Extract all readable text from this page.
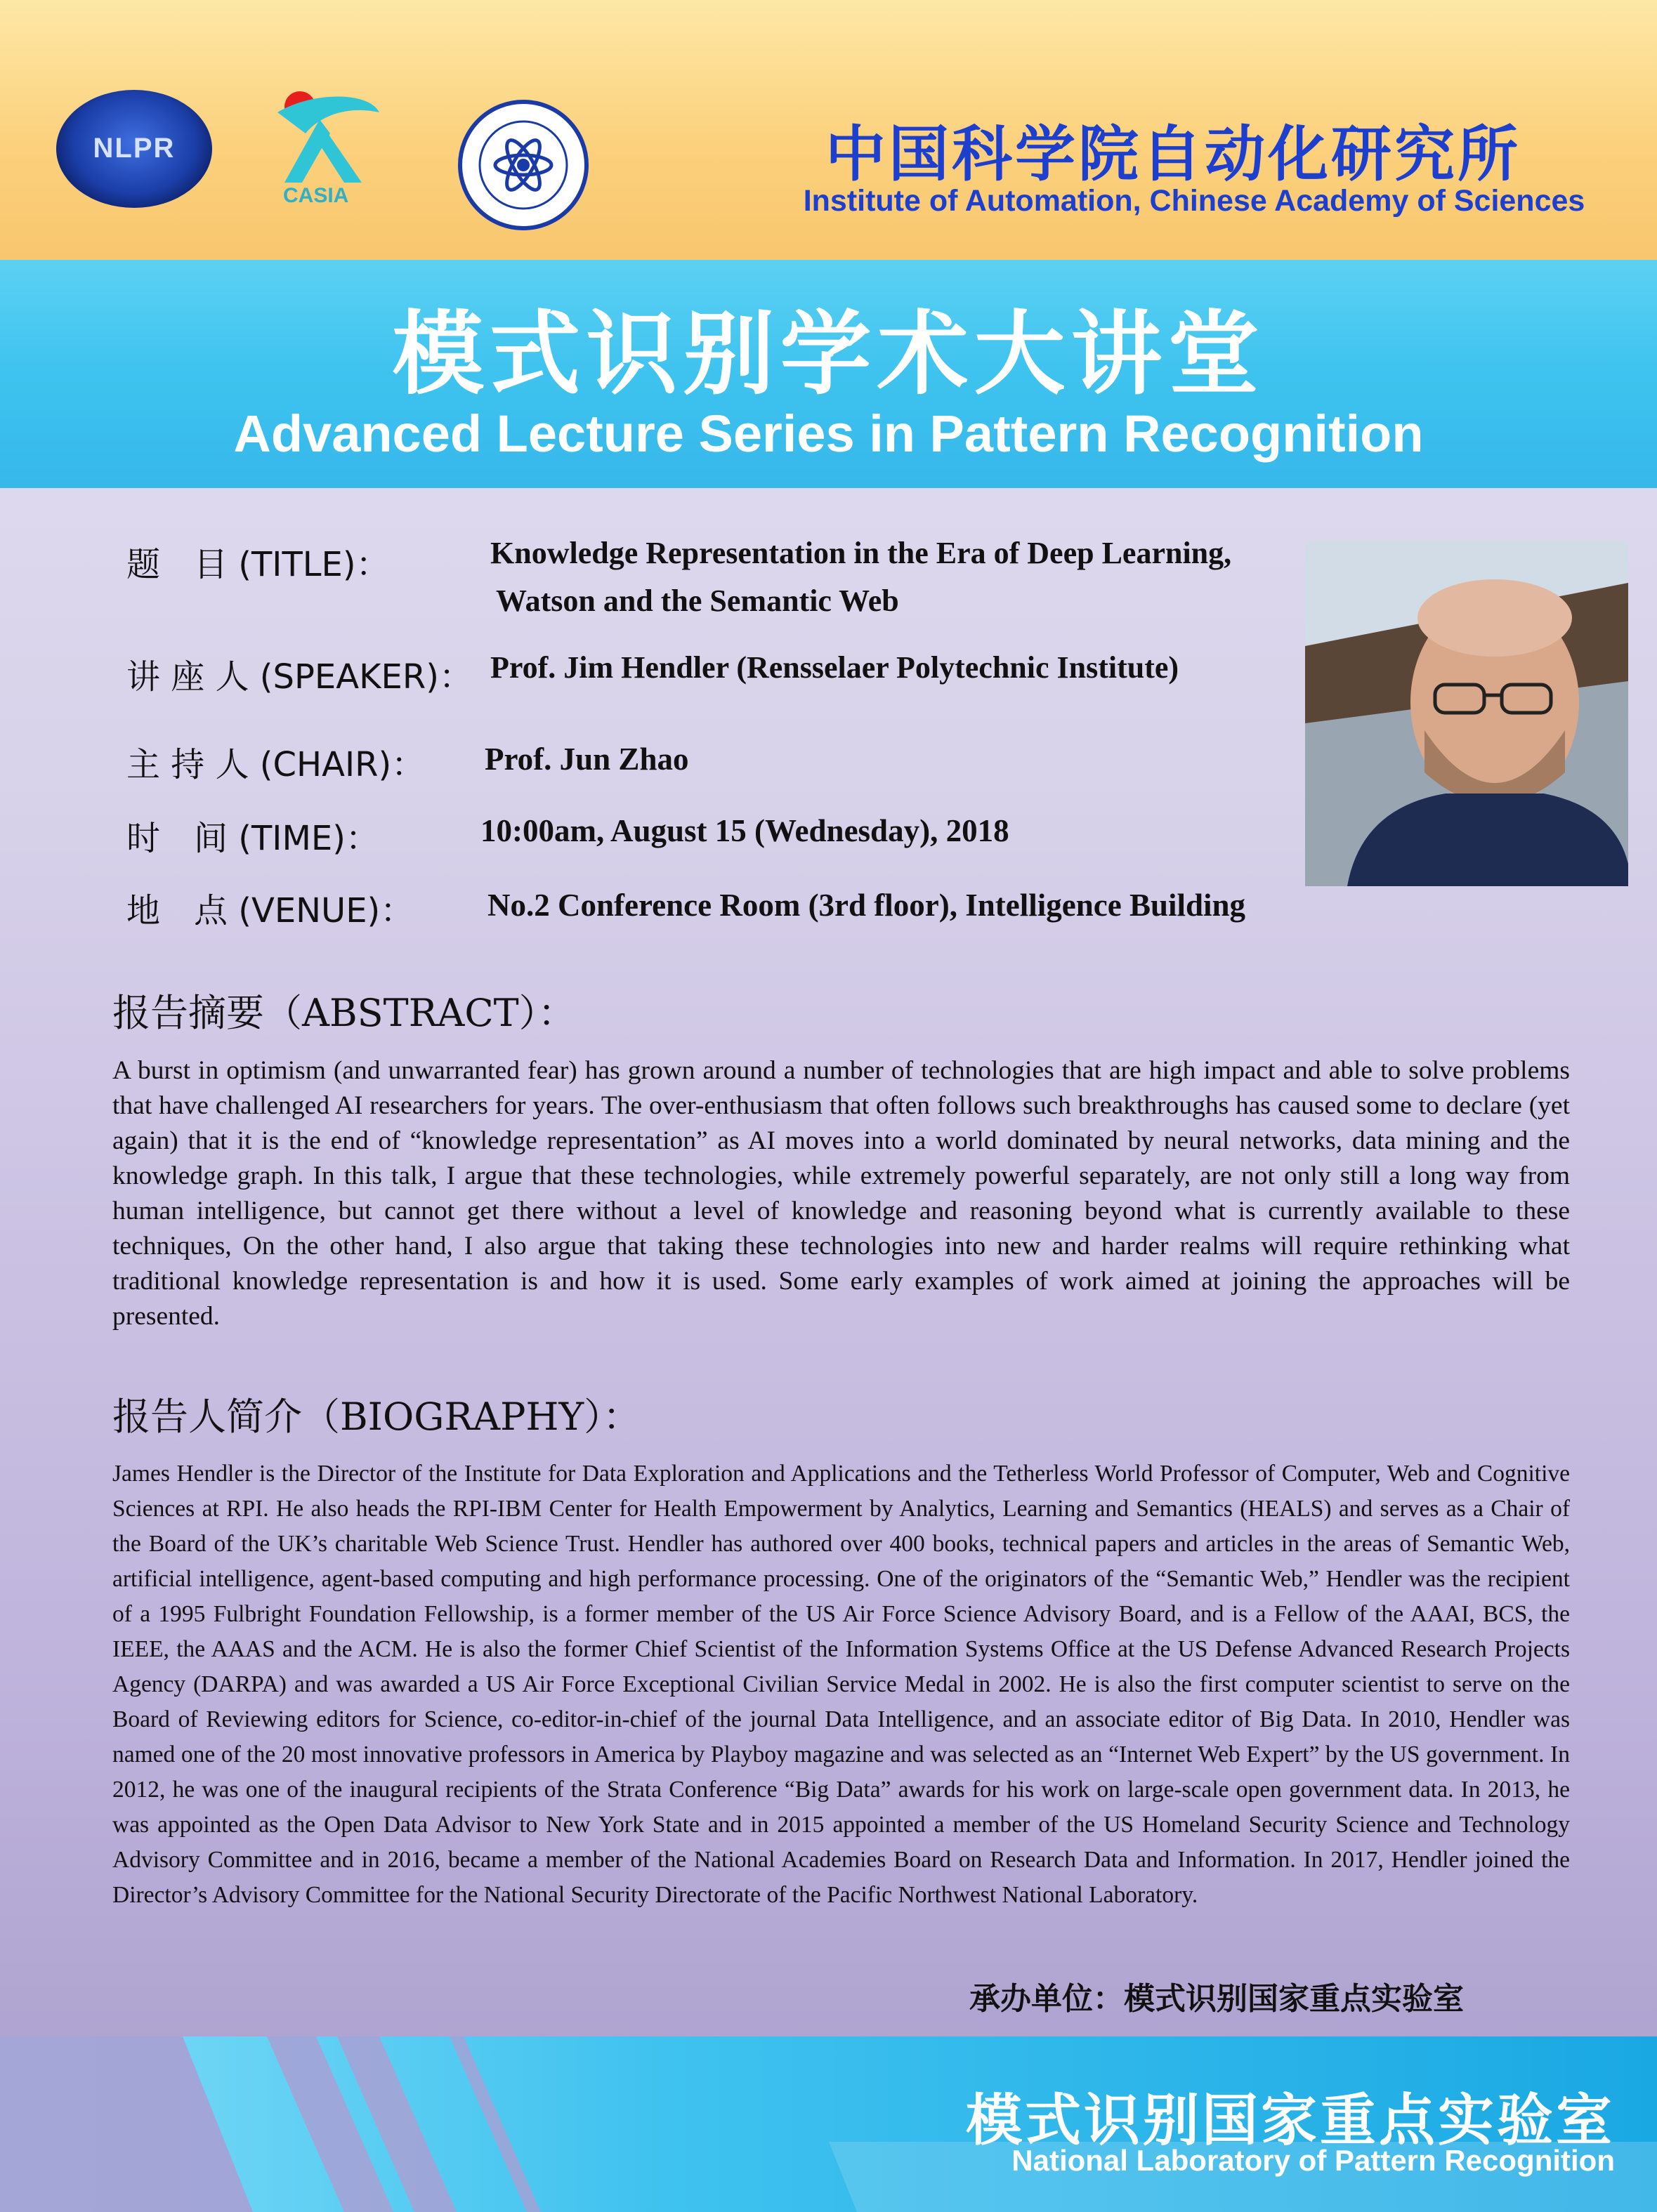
NLPR
CASIA
中国科学院自动化研究所
Institute of Automation, Chinese Academy of Sciences
模式识别学术大讲堂
Advanced Lecture Series in Pattern Recognition
题　目 (TITLE)：	Knowledge Representation in the Era of Deep Learning,
Watson and the Semantic Web
讲 座 人 (SPEAKER)： Prof. Jim Hendler (Rensselaer Polytechnic Institute)
主 持 人 (CHAIR)： Prof. Jun Zhao
时　间 (TIME)：	10:00am, August 15 (Wednesday), 2018
地　点 (VENUE)： No.2 Conference Room (3rd floor), Intelligence Building
报告摘要（ABSTRACT）：
A burst in optimism (and unwarranted fear) has grown around a number of technologies that are high impact and able to solve problems that have challenged AI researchers for years. The over-enthusiasm that often follows such breakthroughs has caused some to declare (yet again) that it is the end of “knowledge representation” as AI moves into a world dominated by neural networks, data mining and the knowledge graph. In this talk, I argue that these technologies, while extremely powerful separately, are not only still a long way from human intelligence, but cannot get there without a level of knowledge and reasoning beyond what is currently available to these techniques, On the other hand, I also argue that taking these technologies into new and harder realms will require rethinking what traditional knowledge representation is and how it is used. Some early examples of work aimed at joining the approaches will be presented.
报告人简介（BIOGRAPHY）：
James Hendler is the Director of the Institute for Data Exploration and Applications and the Tetherless World Professor of Computer, Web and Cognitive Sciences at RPI. He also heads the RPI-IBM Center for Health Empowerment by Analytics, Learning and Semantics (HEALS) and serves as a Chair of the Board of the UK’s charitable Web Science Trust. Hendler has authored over 400 books, technical papers and articles in the areas of Semantic Web, artificial intelligence, agent-based computing and high performance processing. One of the originators of the “Semantic Web,” Hendler was the recipient of a 1995 Fulbright Foundation Fellowship, is a former member of the US Air Force Science Advisory Board, and is a Fellow of the AAAI, BCS, the IEEE, the AAAS and the ACM. He is also the former Chief Scientist of the Information Systems Office at the US Defense Advanced Research Projects Agency (DARPA) and was awarded a US Air Force Exceptional Civilian Service Medal in 2002. He is also the first computer scientist to serve on the Board of Reviewing editors for Science, co-editor-in-chief of the journal Data Intelligence, and an associate editor of Big Data. In 2010, Hendler was named one of the 20 most innovative professors in America by Playboy magazine and was selected as an “Internet Web Expert” by the US government. In 2012, he was one of the inaugural recipients of the Strata Conference “Big Data” awards for his work on large-scale open government data. In 2013, he was appointed as the Open Data Advisor to New York State and in 2015 appointed a member of the US Homeland Security Science and Technology Advisory Committee and in 2016, became a member of the National Academies Board on Research Data and Information. In 2017, Hendler joined the Director’s Advisory Committee for the National Security Directorate of the Pacific Northwest National Laboratory.
承办单位：模式识别国家重点实验室
模式识别国家重点实验室
National Laboratory of Pattern Recognition
